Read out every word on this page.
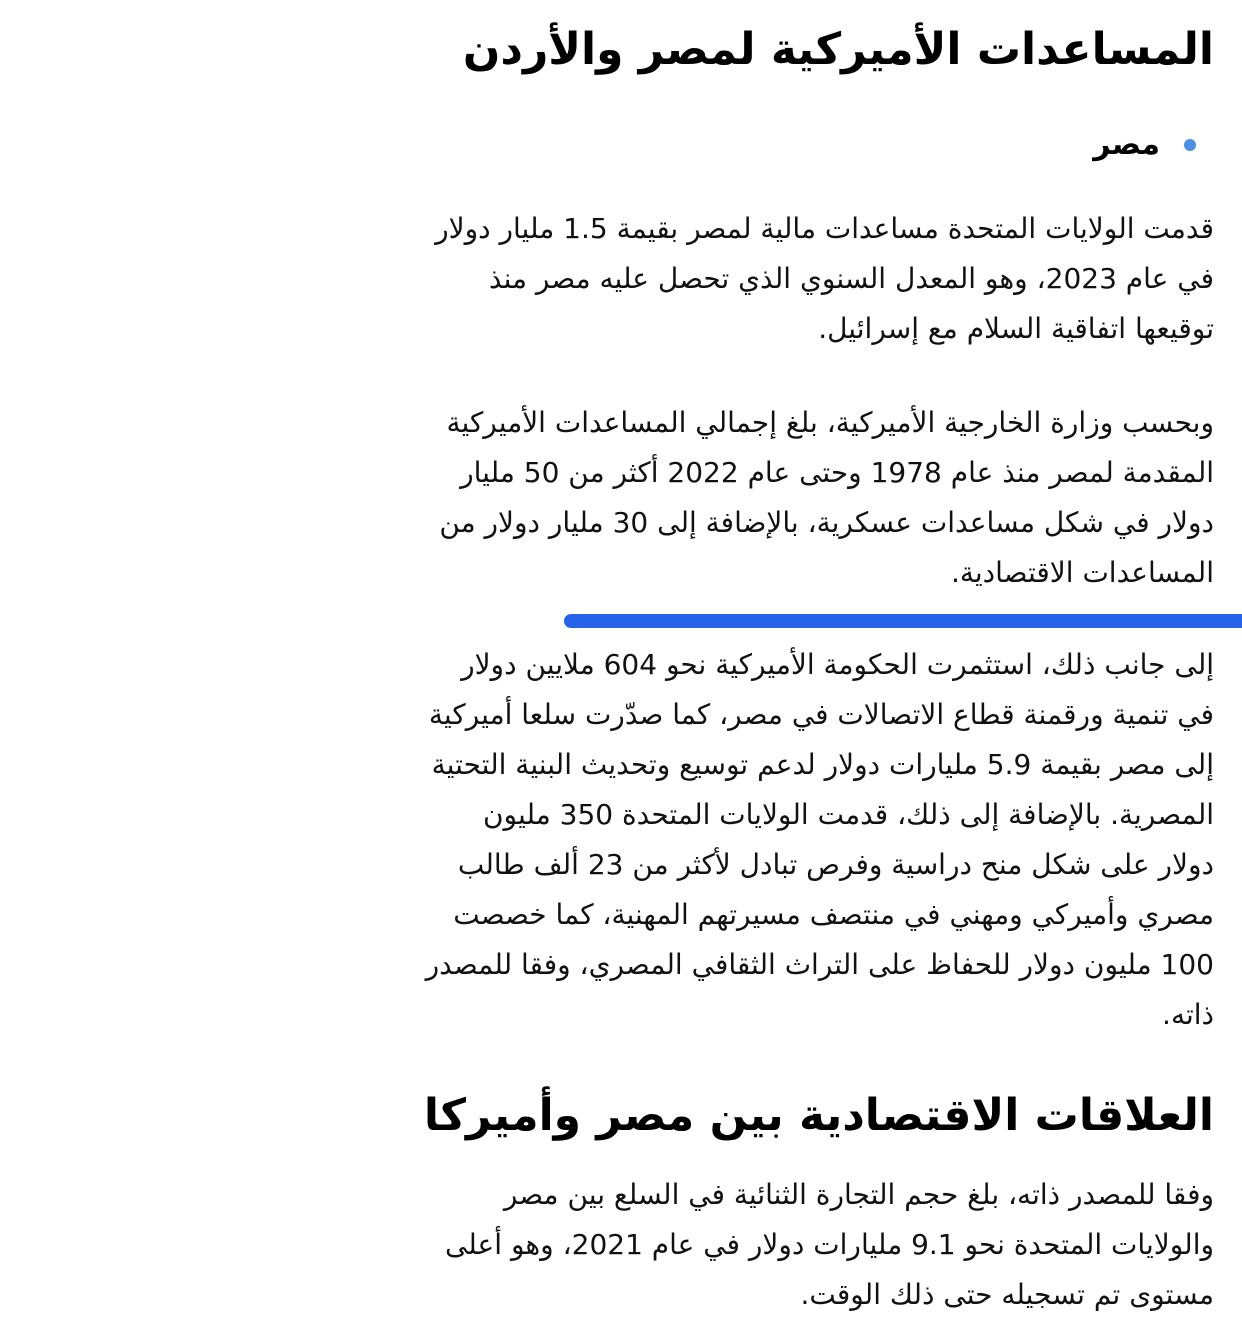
المساعدات الأميركية لمصر والأردن
مصر

قدمت الولايات المتحدة مساعدات مالية لمصر بقيمة 1.5 مليار دولار في عام 2023، وهو المعدل السنوي الذي تحصل عليه مصر منذ توقيعها اتفاقية السلام مع إسرائيل.

وبحسب وزارة الخارجية الأميركية، بلغ إجمالي المساعدات الأميركية المقدمة لمصر منذ عام 1978 وحتى عام 2022 أكثر من 50 مليار دولار في شكل مساعدات عسكرية، بالإضافة إلى 30 مليار دولار من المساعدات الاقتصادية.

إلى جانب ذلك، استثمرت الحكومة الأميركية نحو 604 ملايين دولار في تنمية ورقمنة قطاع الاتصالات في مصر، كما صدّرت سلعا أميركية إلى مصر بقيمة 5.9 مليارات دولار لدعم توسيع وتحديث البنية التحتية المصرية. بالإضافة إلى ذلك، قدمت الولايات المتحدة 350 مليون دولار على شكل منح دراسية وفرص تبادل لأكثر من 23 ألف طالب مصري وأميركي ومهني في منتصف مسيرتهم المهنية، كما خصصت 100 مليون دولار للحفاظ على التراث الثقافي المصري، وفقا للمصدر ذاته.

العلاقات الاقتصادية بين مصر وأميركا

وفقا للمصدر ذاته، بلغ حجم التجارة الثنائية في السلع بين مصر والولايات المتحدة نحو 9.1 مليارات دولار في عام 2021، وهو أعلى مستوى تم تسجيله حتى ذلك الوقت.
